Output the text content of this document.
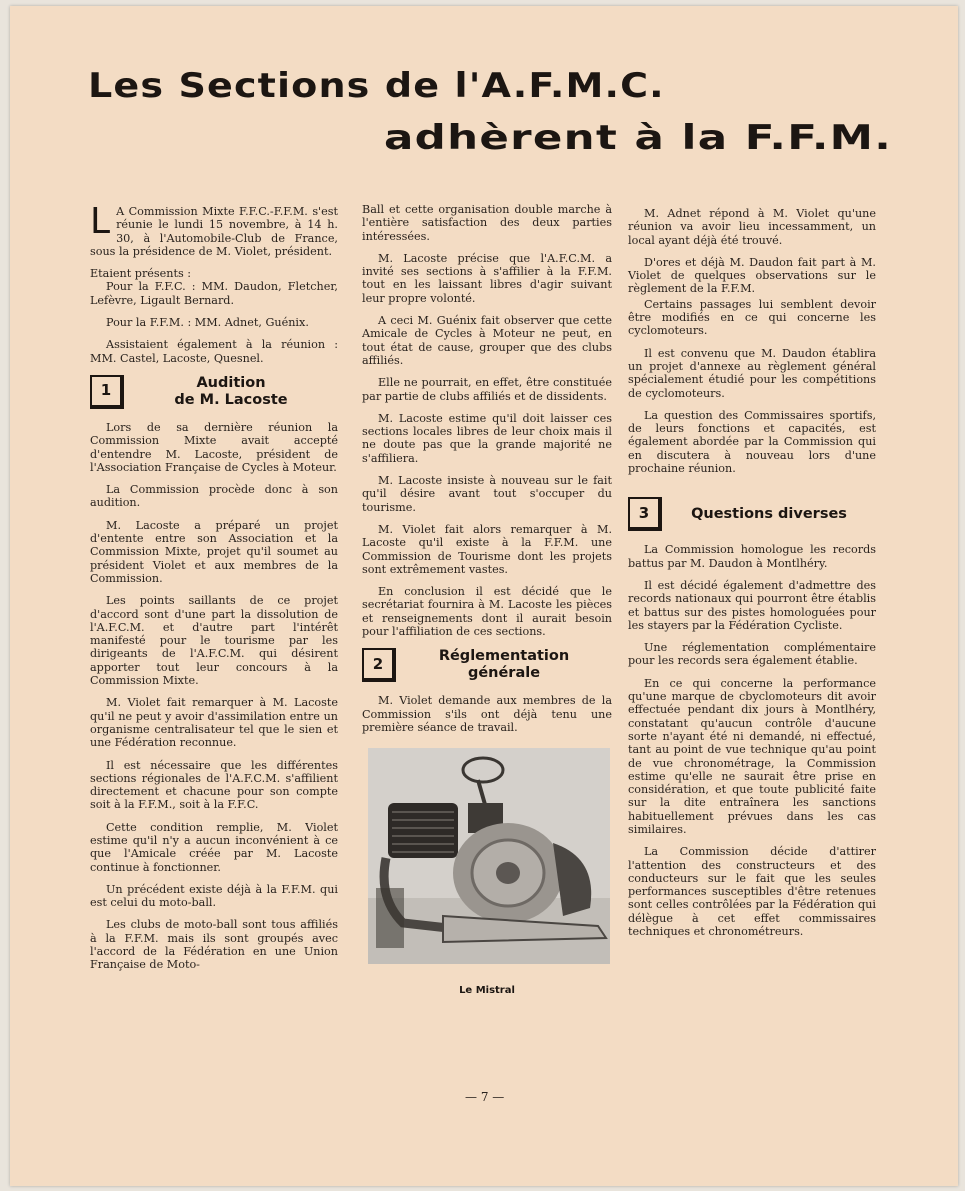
Les Sections de l'A.F.M.C.
adhèrent à la F.F.M.

L A Commission Mixte F.F.C.-F.F.M. s'est réunie le lundi 15 novembre, à 14 h. 30, à l'Automobile-Club de France, sous la présidence de M. Violet, président.

Etaient présents :

Pour la F.F.C. : MM. Daudon, Fletcher, Lefèvre, Ligault Bernard.

Pour la F.F.M. : MM. Adnet, Guénix.

Assistaient également à la réunion : MM. Castel, Lacoste, Quesnel.

1	Audition
de M. Lacoste

Lors de sa dernière réunion la Commission Mixte avait accepté d'entendre M. Lacoste, président de l'Association Française de Cycles à Moteur.

La Commission procède donc à son audition.

M. Lacoste a préparé un projet d'entente entre son Association et la Commission Mixte, projet qu'il soumet au président Violet et aux membres de la Commission.

Les points saillants de ce projet d'accord sont d'une part la dissolution de l'A.F.C.M. et d'autre part l'intérêt manifesté pour le tourisme par les dirigeants de l'A.F.C.M. qui désirent apporter tout leur concours à la Commission Mixte.

M. Violet fait remarquer à M. Lacoste qu'il ne peut y avoir d'assimilation entre un organisme centralisateur tel que le sien et une Fédération reconnue.

Il est nécessaire que les différentes sections régionales de l'A.F.C.M. s'affilient directement et chacune pour son compte soit à la F.F.M., soit à la F.F.C.

Cette condition remplie, M. Violet estime qu'il n'y a aucun inconvénient à ce que l'Amicale créée par M. Lacoste continue à fonctionner.

Un précédent existe déjà à la F.F.M. qui est celui du moto-ball.

Les clubs de moto-ball sont tous affiliés à la F.F.M. mais ils sont groupés avec l'accord de la Fédération en une Union Française de Moto-

Ball et cette organisation double marche à l'entière satisfaction des deux parties intéressées.

M. Lacoste précise que l'A.F.C.M. a invité ses sections à s'affilier à la F.F.M. tout en les laissant libres d'agir suivant leur propre volonté.

A ceci M. Guénix fait observer que cette Amicale de Cycles à Moteur ne peut, en tout état de cause, grouper que des clubs affiliés.

Elle ne pourrait, en effet, être constituée par partie de clubs affiliés et de dissidents.

M. Lacoste estime qu'il doit laisser ces sections locales libres de leur choix mais il ne doute pas que la grande majorité ne s'affiliera.

M. Lacoste insiste à nouveau sur le fait qu'il désire avant tout s'occuper du tourisme.

M. Violet fait alors remarquer à M. Lacoste qu'il existe à la F.F.M. une Commission de Tourisme dont les projets sont extrêmement vastes.

En conclusion il est décidé que le secrétariat fournira à M. Lacoste les pièces et renseignements dont il aurait besoin pour l'affiliation de ces sections.

2	Réglementation
générale

M. Violet demande aux membres de la Commission s'ils ont déjà tenu une première séance de travail.

Le Mistral

M. Adnet répond à M. Violet qu'une réunion va avoir lieu incessamment, un local ayant déjà été trouvé.

D'ores et déjà M. Daudon fait part à M. Violet de quelques observations sur le règlement de la F.F.M.

Certains passages lui semblent devoir être modifiés en ce qui concerne les cyclomoteurs.

Il est convenu que M. Daudon établira un projet d'annexe au règlement général spécialement étudié pour les compétitions de cyclomoteurs.

La question des Commissaires sportifs, de leurs fonctions et capacités, est également abordée par la Commission qui en discutera à nouveau lors d'une prochaine réunion.

3	Questions diverses

La Commission homologue les records battus par M. Daudon à Montlhéry.

Il est décidé également d'admettre des records nationaux qui pourront être établis et battus sur des pistes homologuées pour les stayers par la Fédération Cycliste.

Une réglementation complémentaire pour les records sera également établie.

En ce qui concerne la performance qu'une marque de cbyclomoteurs dit avoir effectuée pendant dix jours à Montlhéry, constatant qu'aucun contrôle d'aucune sorte n'ayant été ni demandé, ni effectué, tant au point de vue technique qu'au point de vue chronométrage, la Commission estime qu'elle ne saurait être prise en considération, et que toute publicité faite sur la dite entraînera les sanctions habituellement prévues dans les cas similaires.

La Commission décide d'attirer l'attention des constructeurs et des conducteurs sur le fait que les seules performances susceptibles d'être retenues sont celles contrôlées par la Fédération qui délègue à cet effet commissaires techniques et chronométreurs.

— 7 —
